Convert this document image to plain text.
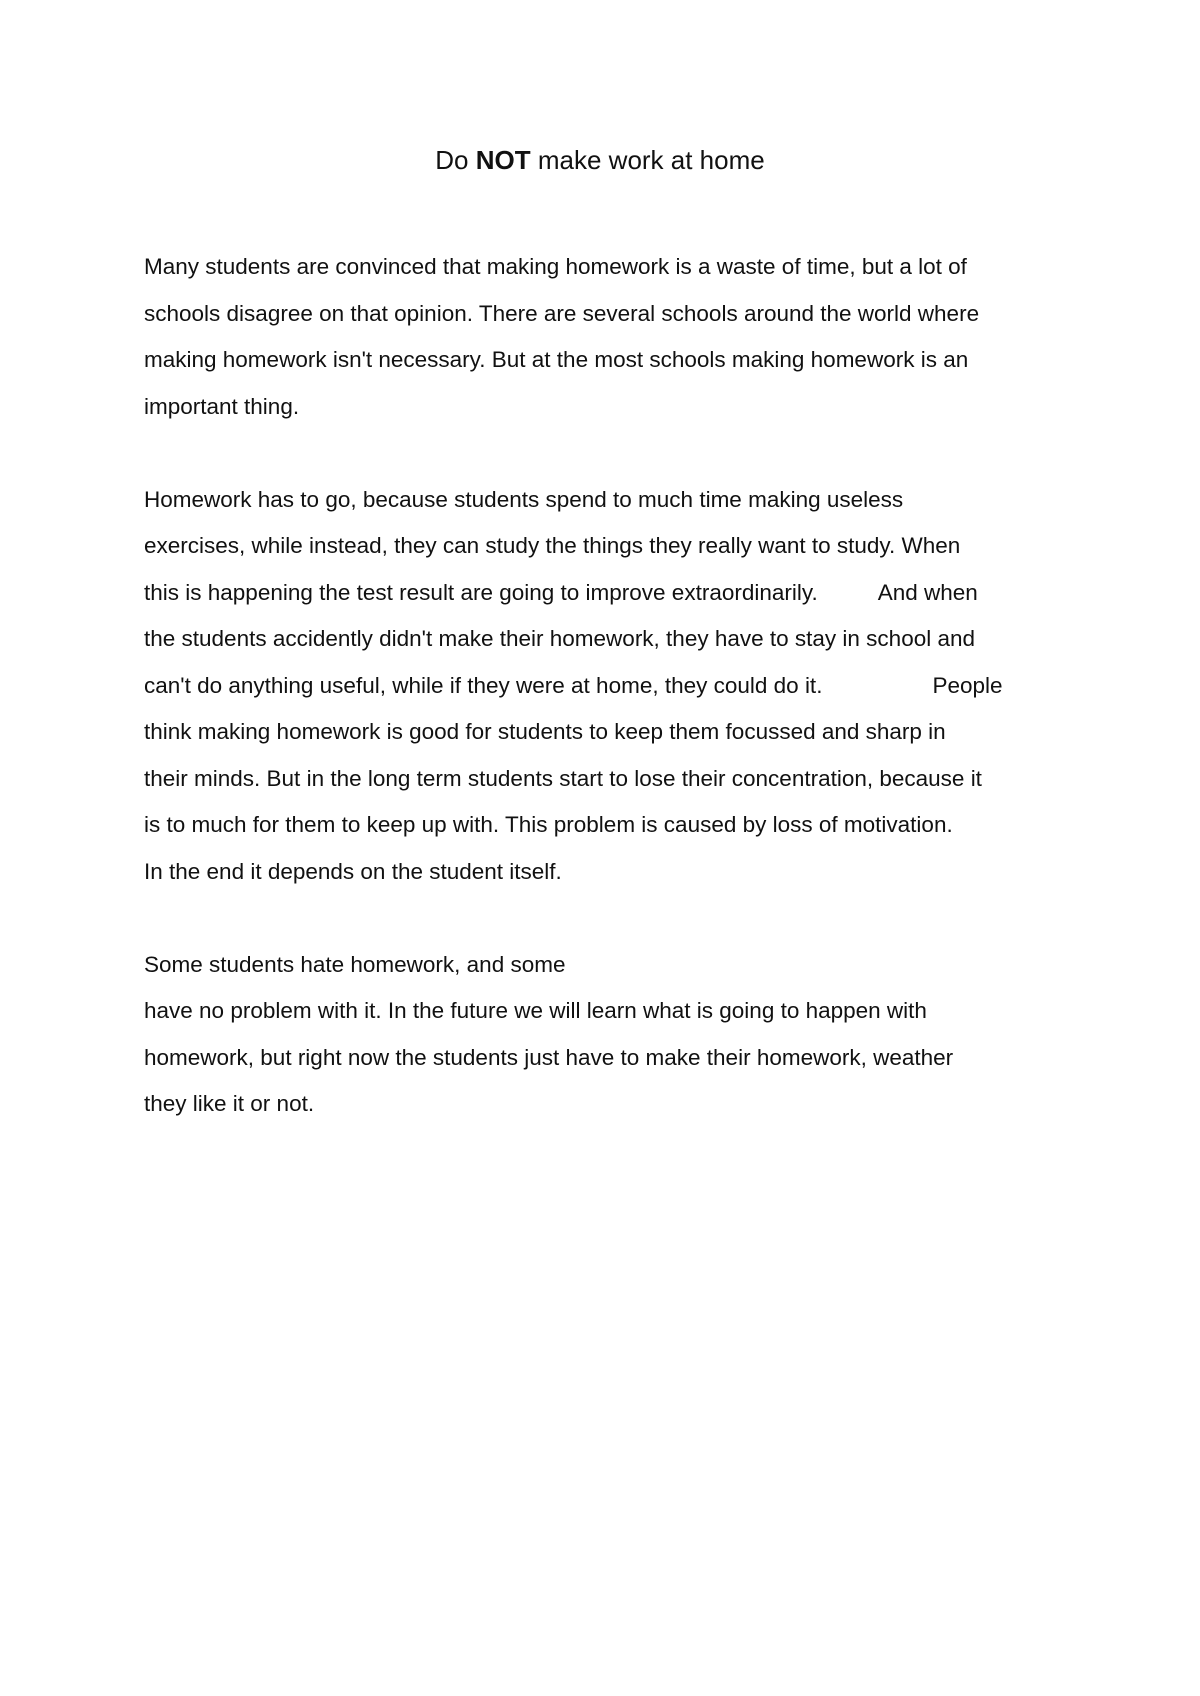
Do NOT make work at home
Many students are convinced that making homework is a waste of time, but a lot of
schools disagree on that opinion. There are several schools around the world where
making homework isn't necessary. But at the most schools making homework is an
important thing.
Homework has to go, because students spend to much time making useless
exercises, while instead, they can study the things they really want to study. When
this is happening the test result are going to improve extraordinarily.	And when
the students accidently didn't make their homework, they have to stay in school and
can't do anything useful, while if they were at home, they could do it.	People
think making homework is good for students to keep them focussed and sharp in
their minds. But in the long term students start to lose their concentration, because it
is to much for them to keep up with. This problem is caused by loss of motivation.
In the end it depends on the student itself.
Some students hate homework, and some
have no problem with it. In the future we will learn what is going to happen with
homework, but right now the students just have to make their homework, weather
they like it or not.
